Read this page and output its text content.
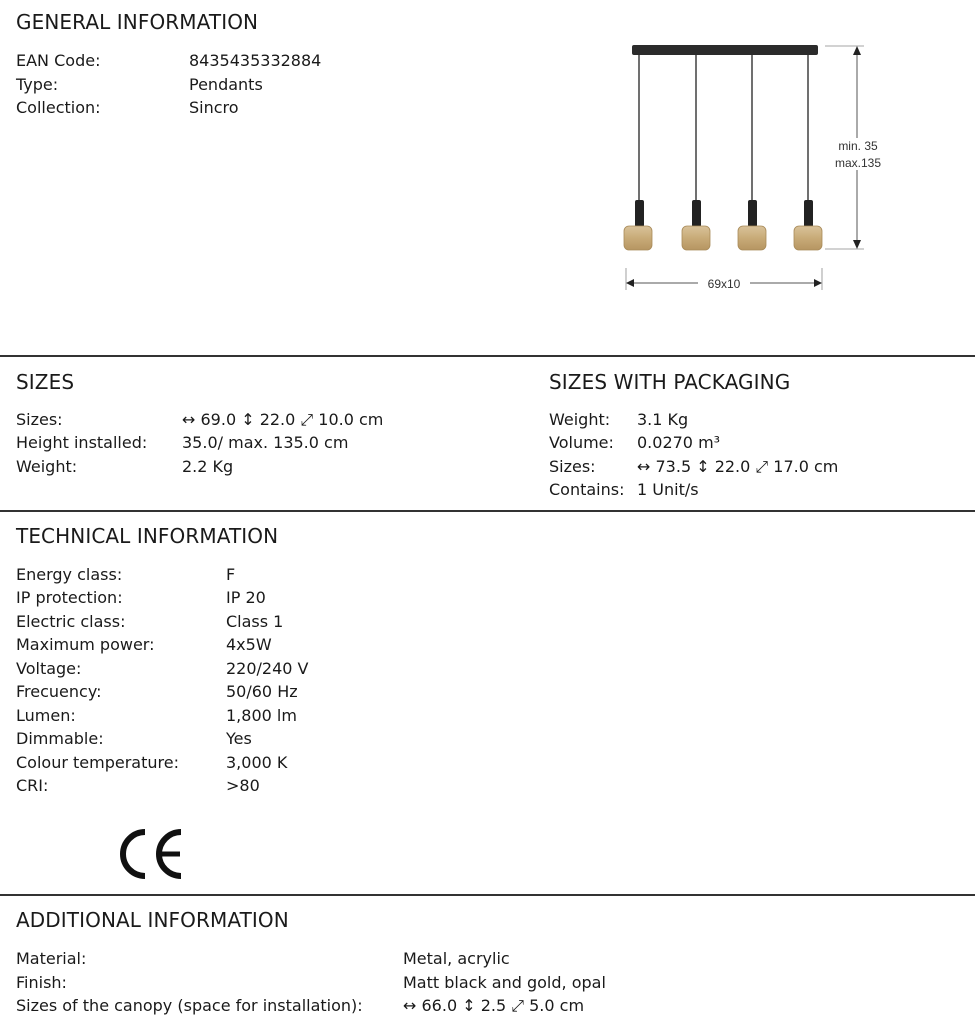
GENERAL INFORMATION
EAN Code:	8435435332884
Type:	Pendants
Collection:	Sincro
min. 35
max.135
69x10
SIZES
Sizes:	↔ 69.0 ↕ 22.0 ⤢ 10.0 cm
Height installed: 35.0/ max. 135.0 cm
Weight:	2.2 Kg
SIZES WITH PACKAGING
Weight: 3.1 Kg
Volume: 0.0270 m³
Sizes:	↔ 73.5 ↕ 22.0 ⤢ 17.0 cm
Contains: 1 Unit/s
TECHNICAL INFORMATION
Energy class:	F
IP protection:	IP 20
Electric class:	Class 1
Maximum power:	4x5W
Voltage:	220/240 V
Frecuency:	50/60 Hz
Lumen:	1,800 lm
Dimmable:	Yes
Colour temperature:	3,000 K
CRI:	>80
ADDITIONAL INFORMATION
Material:	Metal, acrylic
Finish:	Matt black and gold, opal
Sizes of the canopy (space for installation):	↔ 66.0 ↕ 2.5 ⤢ 5.0 cm
